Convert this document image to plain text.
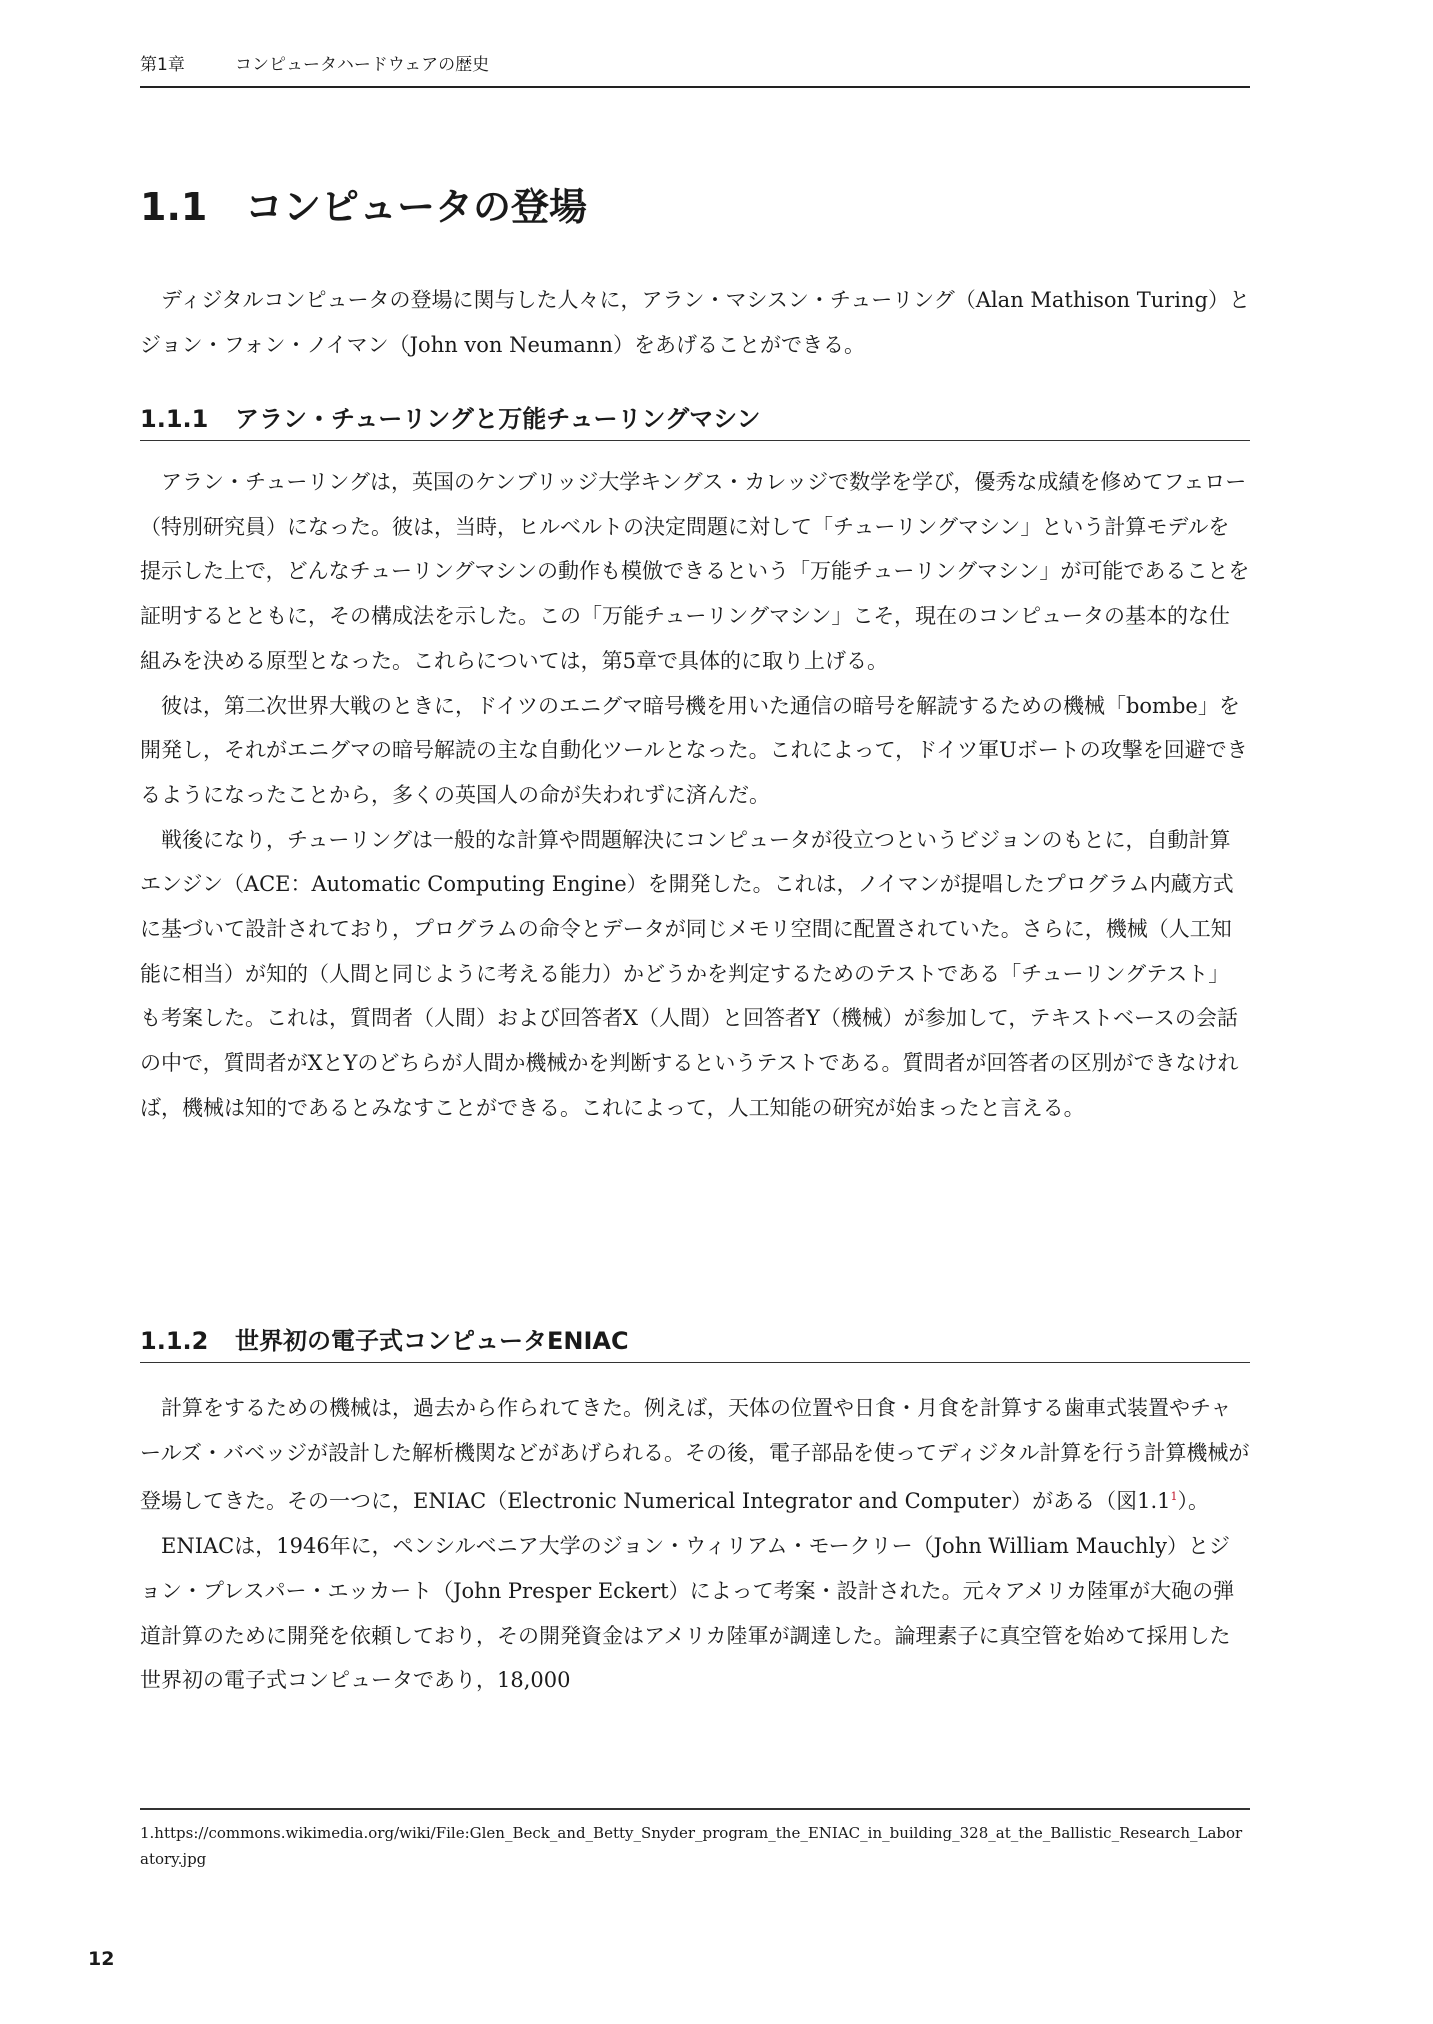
第1章	コンピュータハードウェアの歴史
1.1 コンピュータの登場

ディジタルコンピュータの登場に関与した人々に，アラン・マシスン・チューリング（Alan Mathison Turing）とジョン・フォン・ノイマン（John von Neumann）をあげることができる。

1.1.1 アラン・チューリングと万能チューリングマシン

アラン・チューリングは，英国のケンブリッジ大学キングス・カレッジで数学を学び，優秀な成績を修めてフェロー（特別研究員）になった。彼は，当時，ヒルベルトの決定問題に対して「チューリングマシン」という計算モデルを提示した上で，どんなチューリングマシンの動作も模倣できるという「万能チューリングマシン」が可能であることを証明するとともに，その構成法を示した。この「万能チューリングマシン」こそ，現在のコンピュータの基本的な仕組みを決める原型となった。これらについては，第5章で具体的に取り上げる。

彼は，第二次世界大戦のときに，ドイツのエニグマ暗号機を用いた通信の暗号を解読するための機械「bombe」を開発し，それがエニグマの暗号解読の主な自動化ツールとなった。これによって，ドイツ軍Uボートの攻撃を回避できるようになったことから，多くの英国人の命が失われずに済んだ。

戦後になり，チューリングは一般的な計算や問題解決にコンピュータが役立つというビジョンのもとに，自動計算エンジン（ACE：Automatic Computing Engine）を開発した。これは，ノイマンが提唱したプログラム内蔵方式に基づいて設計されており，プログラムの命令とデータが同じメモリ空間に配置されていた。さらに，機械（人工知能に相当）が知的（人間と同じように考える能力）かどうかを判定するためのテストである「チューリングテスト」も考案した。これは，質問者（人間）および回答者X（人間）と回答者Y（機械）が参加して，テキストベースの会話の中で，質問者がXとYのどちらが人間か機械かを判断するというテストである。質問者が回答者の区別ができなければ，機械は知的であるとみなすことができる。これによって，人工知能の研究が始まったと言える。

1.1.2 世界初の電子式コンピュータENIAC

計算をするための機械は，過去から作られてきた。例えば，天体の位置や日食・月食を計算する歯車式装置やチャールズ・バベッジが設計した解析機関などがあげられる。その後，電子部品を使ってディジタル計算を行う計算機械が登場してきた。その一つに，ENIAC（Electronic Numerical Integrator and Computer）がある（図1.1$^1$）。

ENIACは，1946年に，ペンシルベニア大学のジョン・ウィリアム・モークリー（John William Mauchly）とジョン・プレスパー・エッカート（John Presper Eckert）によって考案・設計された。元々アメリカ陸軍が大砲の弾道計算のために開発を依頼しており，その開発資金はアメリカ陸軍が調達した。論理素子に真空管を始めて採用した世界初の電子式コンピュータであり，18,000

1.https://commons.wikimedia.org/wiki/File:Glen_Beck_and_Betty_Snyder_program_the_ENIAC_in_building_328_at_the_Ballistic_Research_Laboratory.jpg
12
